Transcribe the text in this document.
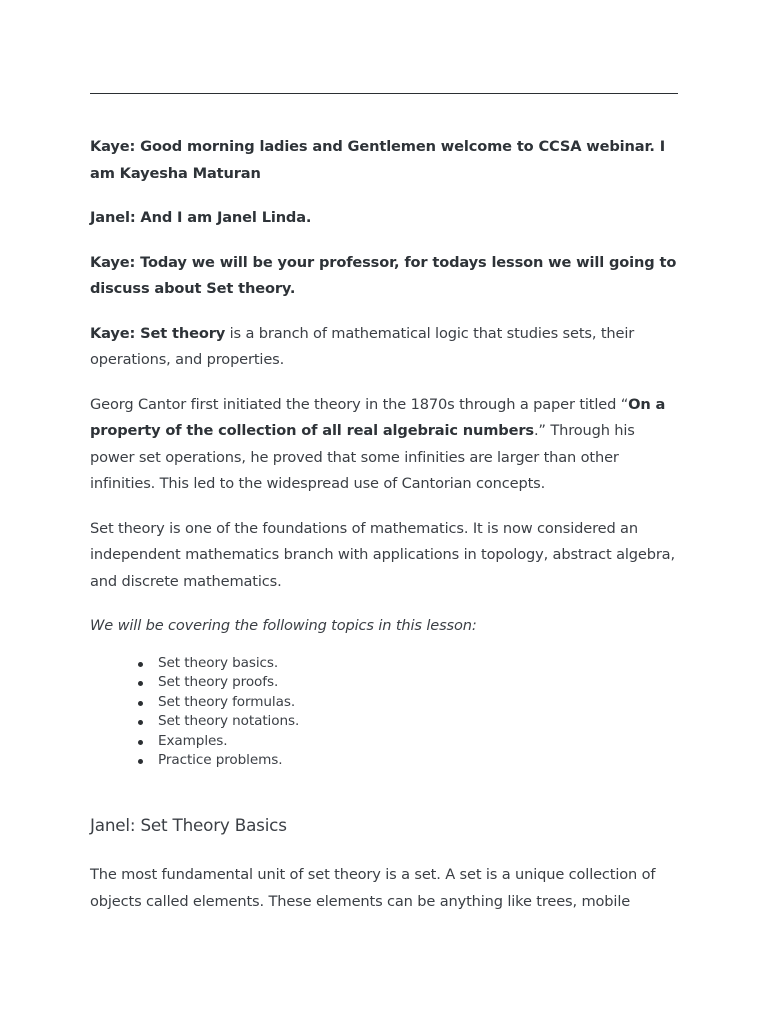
Kaye: Good morning ladies and Gentlemen welcome to CCSA webinar. I am Kayesha Maturan

Janel: And I am Janel Linda.

Kaye: Today we will be your professor, for todays lesson we will going to discuss about Set theory.

Kaye: Set theory is a branch of mathematical logic that studies sets, their operations, and properties.

Georg Cantor first initiated the theory in the 1870s through a paper titled “On a property of the collection of all real algebraic numbers.” Through his power set operations, he proved that some infinities are larger than other infinities. This led to the widespread use of Cantorian concepts.

Set theory is one of the foundations of mathematics. It is now considered an independent mathematics branch with applications in topology, abstract algebra, and discrete mathematics.

We will be covering the following topics in this lesson:

Set theory basics.
Set theory proofs.
Set theory formulas.
Set theory notations.
Examples.
Practice problems.
Janel: Set Theory Basics

The most fundamental unit of set theory is a set. A set is a unique collection of objects called elements. These elements can be anything like trees, mobile
